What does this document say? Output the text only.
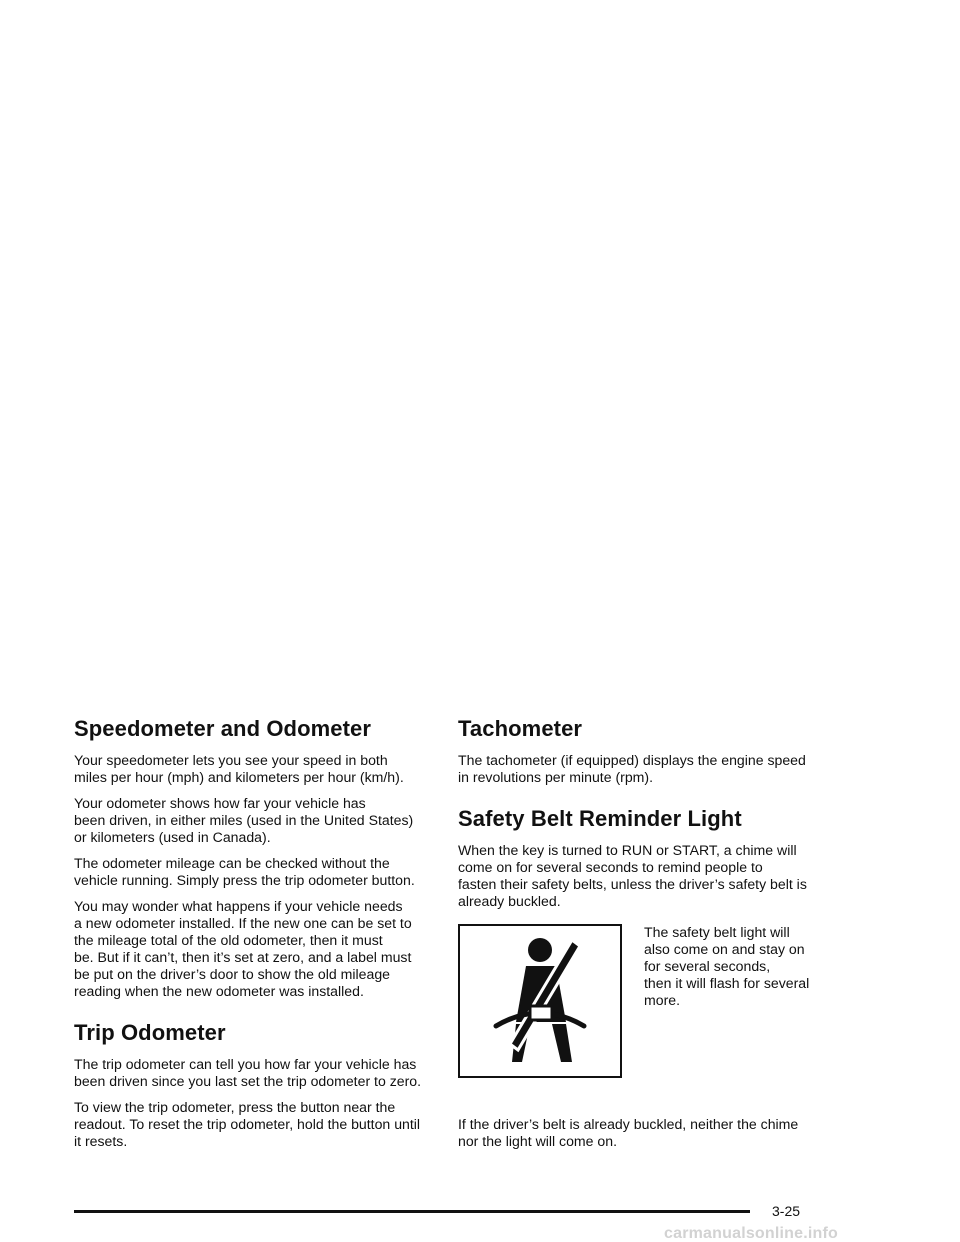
Speedometer and Odometer

Your speedometer lets you see your speed in both
miles per hour (mph) and kilometers per hour (km/h).

Your odometer shows how far your vehicle has
been driven, in either miles (used in the United States)
or kilometers (used in Canada).

The odometer mileage can be checked without the
vehicle running. Simply press the trip odometer button.

You may wonder what happens if your vehicle needs
a new odometer installed. If the new one can be set to
the mileage total of the old odometer, then it must
be. But if it can’t, then it’s set at zero, and a label must
be put on the driver’s door to show the old mileage
reading when the new odometer was installed.

Trip Odometer

The trip odometer can tell you how far your vehicle has
been driven since you last set the trip odometer to zero.

To view the trip odometer, press the button near the
readout. To reset the trip odometer, hold the button until
it resets.

Tachometer

The tachometer (if equipped) displays the engine speed
in revolutions per minute (rpm).

Safety Belt Reminder Light

When the key is turned to RUN or START, a chime will
come on for several seconds to remind people to
fasten their safety belts, unless the driver’s safety belt is
already buckled.

The safety belt light will
also come on and stay on
for several seconds,
then it will flash for several
more.

If the driver’s belt is already buckled, neither the chime
nor the light will come on.

3-25
carmanualsonline.info
